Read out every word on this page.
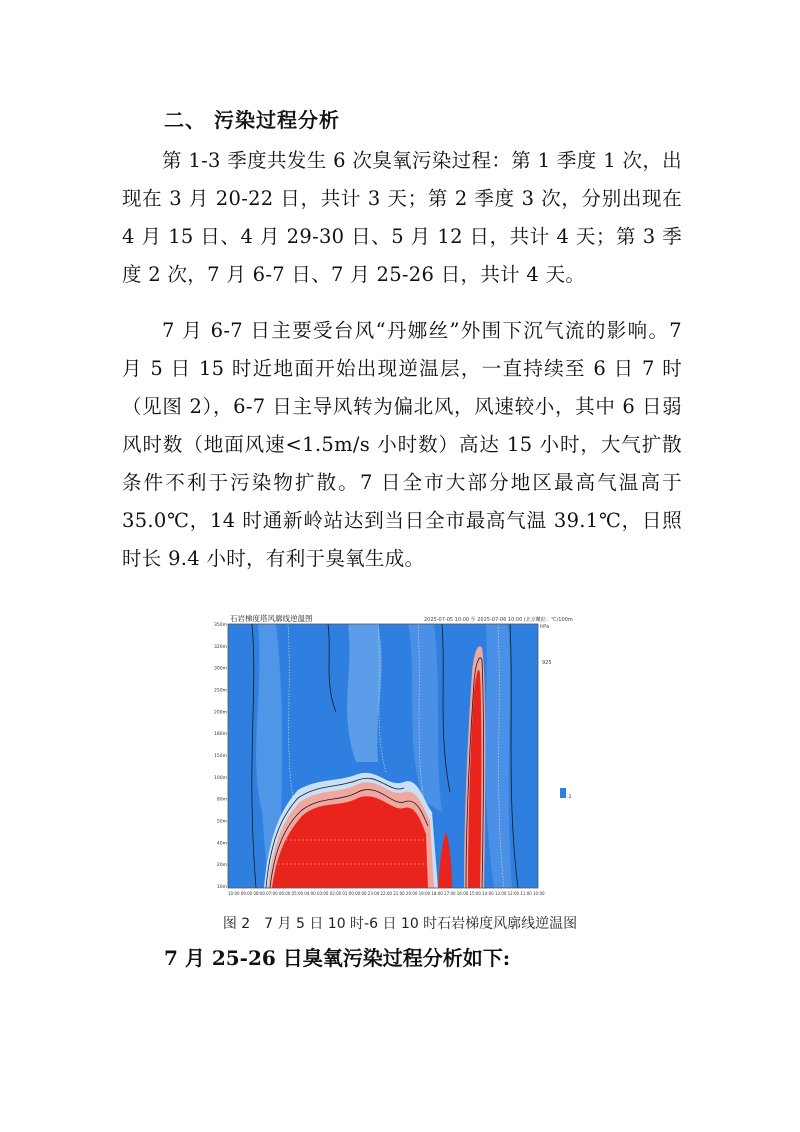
二、 污染过程分析

第 1-3 季度共发生 6 次臭氧污染过程：第 1 季度 1 次，出现在 3 月 20-22 日，共计 3 天；第 2 季度 3 次，分别出现在 4 月 15 日、4 月 29-30 日、5 月 12 日，共计 4 天；第 3 季度 2 次，7 月 6-7 日、7 月 25-26 日，共计 4 天。

7 月 6-7 日主要受台风“丹娜丝”外围下沉气流的影响。7 月 5 日 15 时近地面开始出现逆温层，一直持续至 6 日 7 时（见图 2），6-7 日主导风转为偏北风，风速较小，其中 6 日弱风时数（地面风速<1.5m/s 小时数）高达 15 小时，大气扩散条件不利于污染物扩散。7 日全市大部分地区最高气温高于 35.0℃，14 时通新岭站达到当日全市最高气温 39.1℃，日照时长 9.4 小时，有利于臭氧生成。

石岩梯度塔风廓线逆温图	2025-07-05 10:00 至 2025-07-06 10:00 (北京时)
单位：℃/100m
hPa
925
350m
320m
300m
250m
200m
180m
150m
100m
80m
50m
40m
20m
10m
10:00 09:00 08:00 07:00 06:00 05:00 04:00 03:00 02:00 01:00 00:00 23:00 22:00 21:00 20:00 19:00 18:00 17:00 16:00 15:00 14:00 13:00 12:00 11:00 10:00
-2
图 2　7 月 5 日 10 时-6 日 10 时石岩梯度风廓线逆温图
7 月 25-26 日臭氧污染过程分析如下:
